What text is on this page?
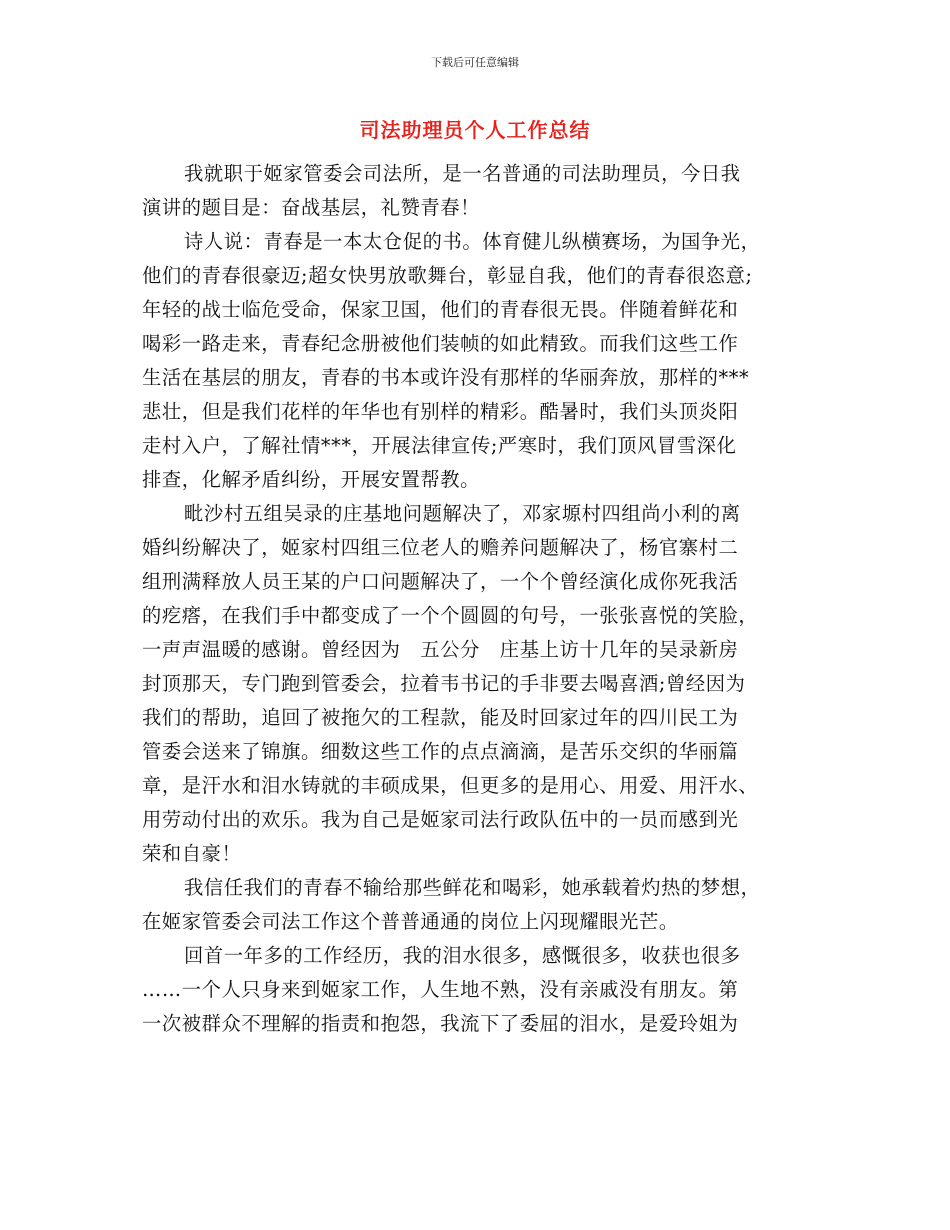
下载后可任意编辑
司法助理员个人工作总结
我就职于姬家管委会司法所，是一名普通的司法助理员，今日我
演讲的题目是：奋战基层，礼赞青春！
诗人说：青春是一本太仓促的书。体育健儿纵横赛场，为国争光，
他们的青春很豪迈;超女快男放歌舞台，彰显自我，他们的青春很恣意;
年轻的战士临危受命，保家卫国，他们的青春很无畏。伴随着鲜花和
喝彩一路走来，青春纪念册被他们装帧的如此精致。而我们这些工作
生活在基层的朋友，青春的书本或许没有那样的华丽奔放，那样的***
悲壮，但是我们花样的年华也有别样的精彩。酷暑时，我们头顶炎阳
走村入户，了解社情***，开展法律宣传;严寒时，我们顶风冒雪深化
排查，化解矛盾纠纷，开展安置帮教。
毗沙村五组吴录的庄基地问题解决了，邓家塬村四组尚小利的离
婚纠纷解决了，姬家村四组三位老人的赡养问题解决了，杨官寨村二
组刑满释放人员王某的户口问题解决了，一个个曾经演化成你死我活
的疙瘩，在我们手中都变成了一个个圆圆的句号，一张张喜悦的笑脸，
一声声温暖的感谢。曾经因为　五公分　庄基上访十几年的吴录新房
封顶那天，专门跑到管委会，拉着韦书记的手非要去喝喜酒;曾经因为
我们的帮助，追回了被拖欠的工程款，能及时回家过年的四川民工为
管委会送来了锦旗。细数这些工作的点点滴滴，是苦乐交织的华丽篇
章，是汗水和泪水铸就的丰硕成果，但更多的是用心、用爱、用汗水、
用劳动付出的欢乐。我为自己是姬家司法行政队伍中的一员而感到光
荣和自豪！
我信任我们的青春不输给那些鲜花和喝彩，她承载着灼热的梦想，
在姬家管委会司法工作这个普普通通的岗位上闪现耀眼光芒。
回首一年多的工作经历，我的泪水很多，感慨很多，收获也很多
……一个人只身来到姬家工作，人生地不熟，没有亲戚没有朋友。第
一次被群众不理解的指责和抱怨，我流下了委屈的泪水，是爱玲姐为
